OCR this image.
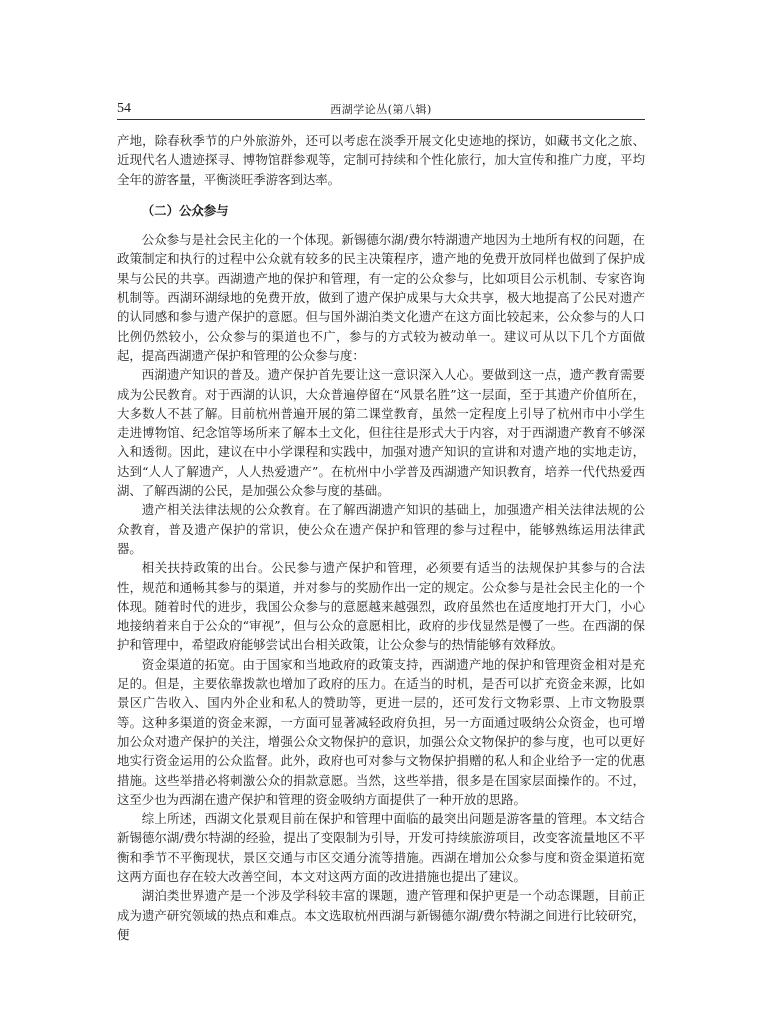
54	西湖学论丛(第八辑)

产地，除春秋季节的户外旅游外，还可以考虑在淡季开展文化史迹地的探访，如藏书文化之旅、近现代名人遗迹探寻、博物馆群参观等，定制可持续和个性化旅行，加大宣传和推广力度，平均全年的游客量，平衡淡旺季游客到达率。

（二）公众参与

公众参与是社会民主化的一个体现。新锡德尔湖/费尔特湖遗产地因为土地所有权的问题，在政策制定和执行的过程中公众就有较多的民主决策程序，遗产地的免费开放同样也做到了保护成果与公民的共享。西湖遗产地的保护和管理，有一定的公众参与，比如项目公示机制、专家咨询机制等。西湖环湖绿地的免费开放，做到了遗产保护成果与大众共享，极大地提高了公民对遗产的认同感和参与遗产保护的意愿。但与国外湖泊类文化遗产在这方面比较起来，公众参与的人口比例仍然较小，公众参与的渠道也不广，参与的方式较为被动单一。建议可从以下几个方面做起，提高西湖遗产保护和管理的公众参与度：

西湖遗产知识的普及。遗产保护首先要让这一意识深入人心。要做到这一点，遗产教育需要成为公民教育。对于西湖的认识，大众普遍停留在“风景名胜”这一层面，至于其遗产价值所在，大多数人不甚了解。目前杭州普遍开展的第二课堂教育，虽然一定程度上引导了杭州市中小学生走进博物馆、纪念馆等场所来了解本土文化，但往往是形式大于内容，对于西湖遗产教育不够深入和透彻。因此，建议在中小学课程和实践中，加强对遗产知识的宣讲和对遗产地的实地走访，达到“人人了解遗产，人人热爱遗产”。在杭州中小学普及西湖遗产知识教育，培养一代代热爱西湖、了解西湖的公民，是加强公众参与度的基础。

遗产相关法律法规的公众教育。在了解西湖遗产知识的基础上，加强遗产相关法律法规的公众教育，普及遗产保护的常识，使公众在遗产保护和管理的参与过程中，能够熟练运用法律武器。

相关扶持政策的出台。公民参与遗产保护和管理，必须要有适当的法规保护其参与的合法性，规范和通畅其参与的渠道，并对参与的奖励作出一定的规定。公众参与是社会民主化的一个体现。随着时代的进步，我国公众参与的意愿越来越强烈，政府虽然也在适度地打开大门，小心地接纳着来自于公众的“审视”，但与公众的意愿相比，政府的步伐显然是慢了一些。在西湖的保护和管理中，希望政府能够尝试出台相关政策，让公众参与的热情能够有效释放。

资金渠道的拓宽。由于国家和当地政府的政策支持，西湖遗产地的保护和管理资金相对是充足的。但是，主要依靠拨款也增加了政府的压力。在适当的时机，是否可以扩充资金来源，比如景区广告收入、国内外企业和私人的赞助等，更进一层的，还可发行文物彩票、上市文物股票等。这种多渠道的资金来源，一方面可显著减轻政府负担，另一方面通过吸纳公众资金，也可增加公众对遗产保护的关注，增强公众文物保护的意识，加强公众文物保护的参与度，也可以更好地实行资金运用的公众监督。此外，政府也可对参与文物保护捐赠的私人和企业给予一定的优惠措施。这些举措必将刺激公众的捐款意愿。当然，这些举措，很多是在国家层面操作的。不过，这至少也为西湖在遗产保护和管理的资金吸纳方面提供了一种开放的思路。

综上所述，西湖文化景观目前在保护和管理中面临的最突出问题是游客量的管理。本文结合新锡德尔湖/费尔特湖的经验，提出了变限制为引导，开发可持续旅游项目，改变客流量地区不平衡和季节不平衡现状，景区交通与市区交通分流等措施。西湖在增加公众参与度和资金渠道拓宽这两方面也存在较大改善空间，本文对这两方面的改进措施也提出了建议。

湖泊类世界遗产是一个涉及学科较丰富的课题，遗产管理和保护更是一个动态课题，目前正成为遗产研究领域的热点和难点。本文选取杭州西湖与新锡德尔湖/费尔特湖之间进行比较研究，便
